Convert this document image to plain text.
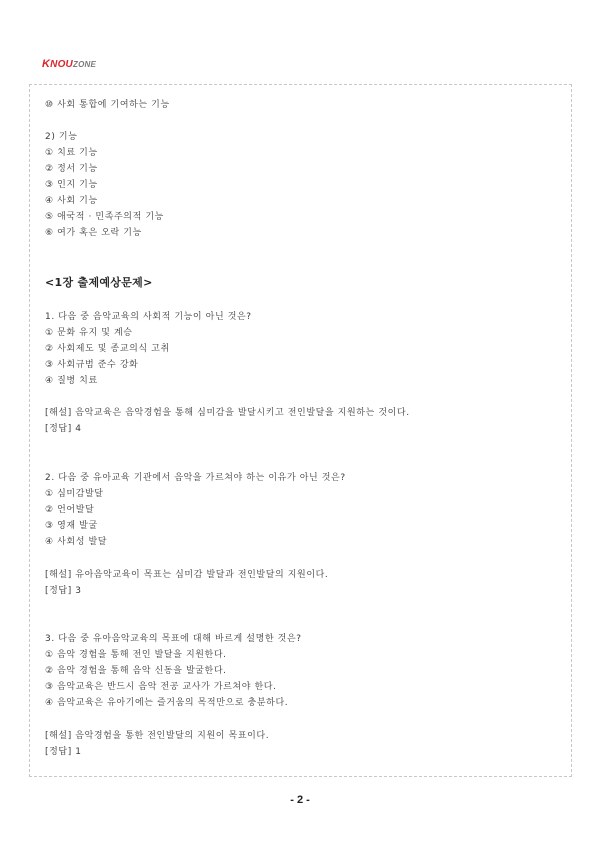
KNOUZONE
⑩ 사회 통합에 기여하는 기능
2) 기능
① 치료 기능
② 정서 기능
③ 인지 기능
④ 사회 기능
⑤ 애국적 · 민족주의적 기능
⑥ 여가 혹은 오락 기능
<1장 출제예상문제>
1. 다음 중 음악교육의 사회적 기능이 아닌 것은?
① 문화 유지 및 계승
② 사회제도 및 종교의식 고취
③ 사회규범 준수 강화
④ 질병 치료
[해설] 음악교육은 음악경험을 통해 심미감을 발달시키고 전인발달을 지원하는 것이다.
[정답] 4
2. 다음 중 유아교육 기관에서 음악을 가르쳐야 하는 이유가 아닌 것은?
① 심미감발달
② 언어발달
③ 영재 발굴
④ 사회성 발달
[해설] 유아음악교육이 목표는 심미감 발달과 전인발달의 지원이다.
[정답] 3
3. 다음 중 유아음악교육의 목표에 대해 바르게 설명한 것은?
① 음악 경험을 통해 전인 발달을 지원한다.
② 음악 경험을 통해 음악 신동을 발굴한다.
③ 음악교육은 반드시 음악 전공 교사가 가르쳐야 한다.
④ 음악교육은 유아기에는 즐거움의 목적만으로 충분하다.
[해설] 음악경험을 통한 전인발달의 지원이 목표이다.
[정답] 1
- 2 -
